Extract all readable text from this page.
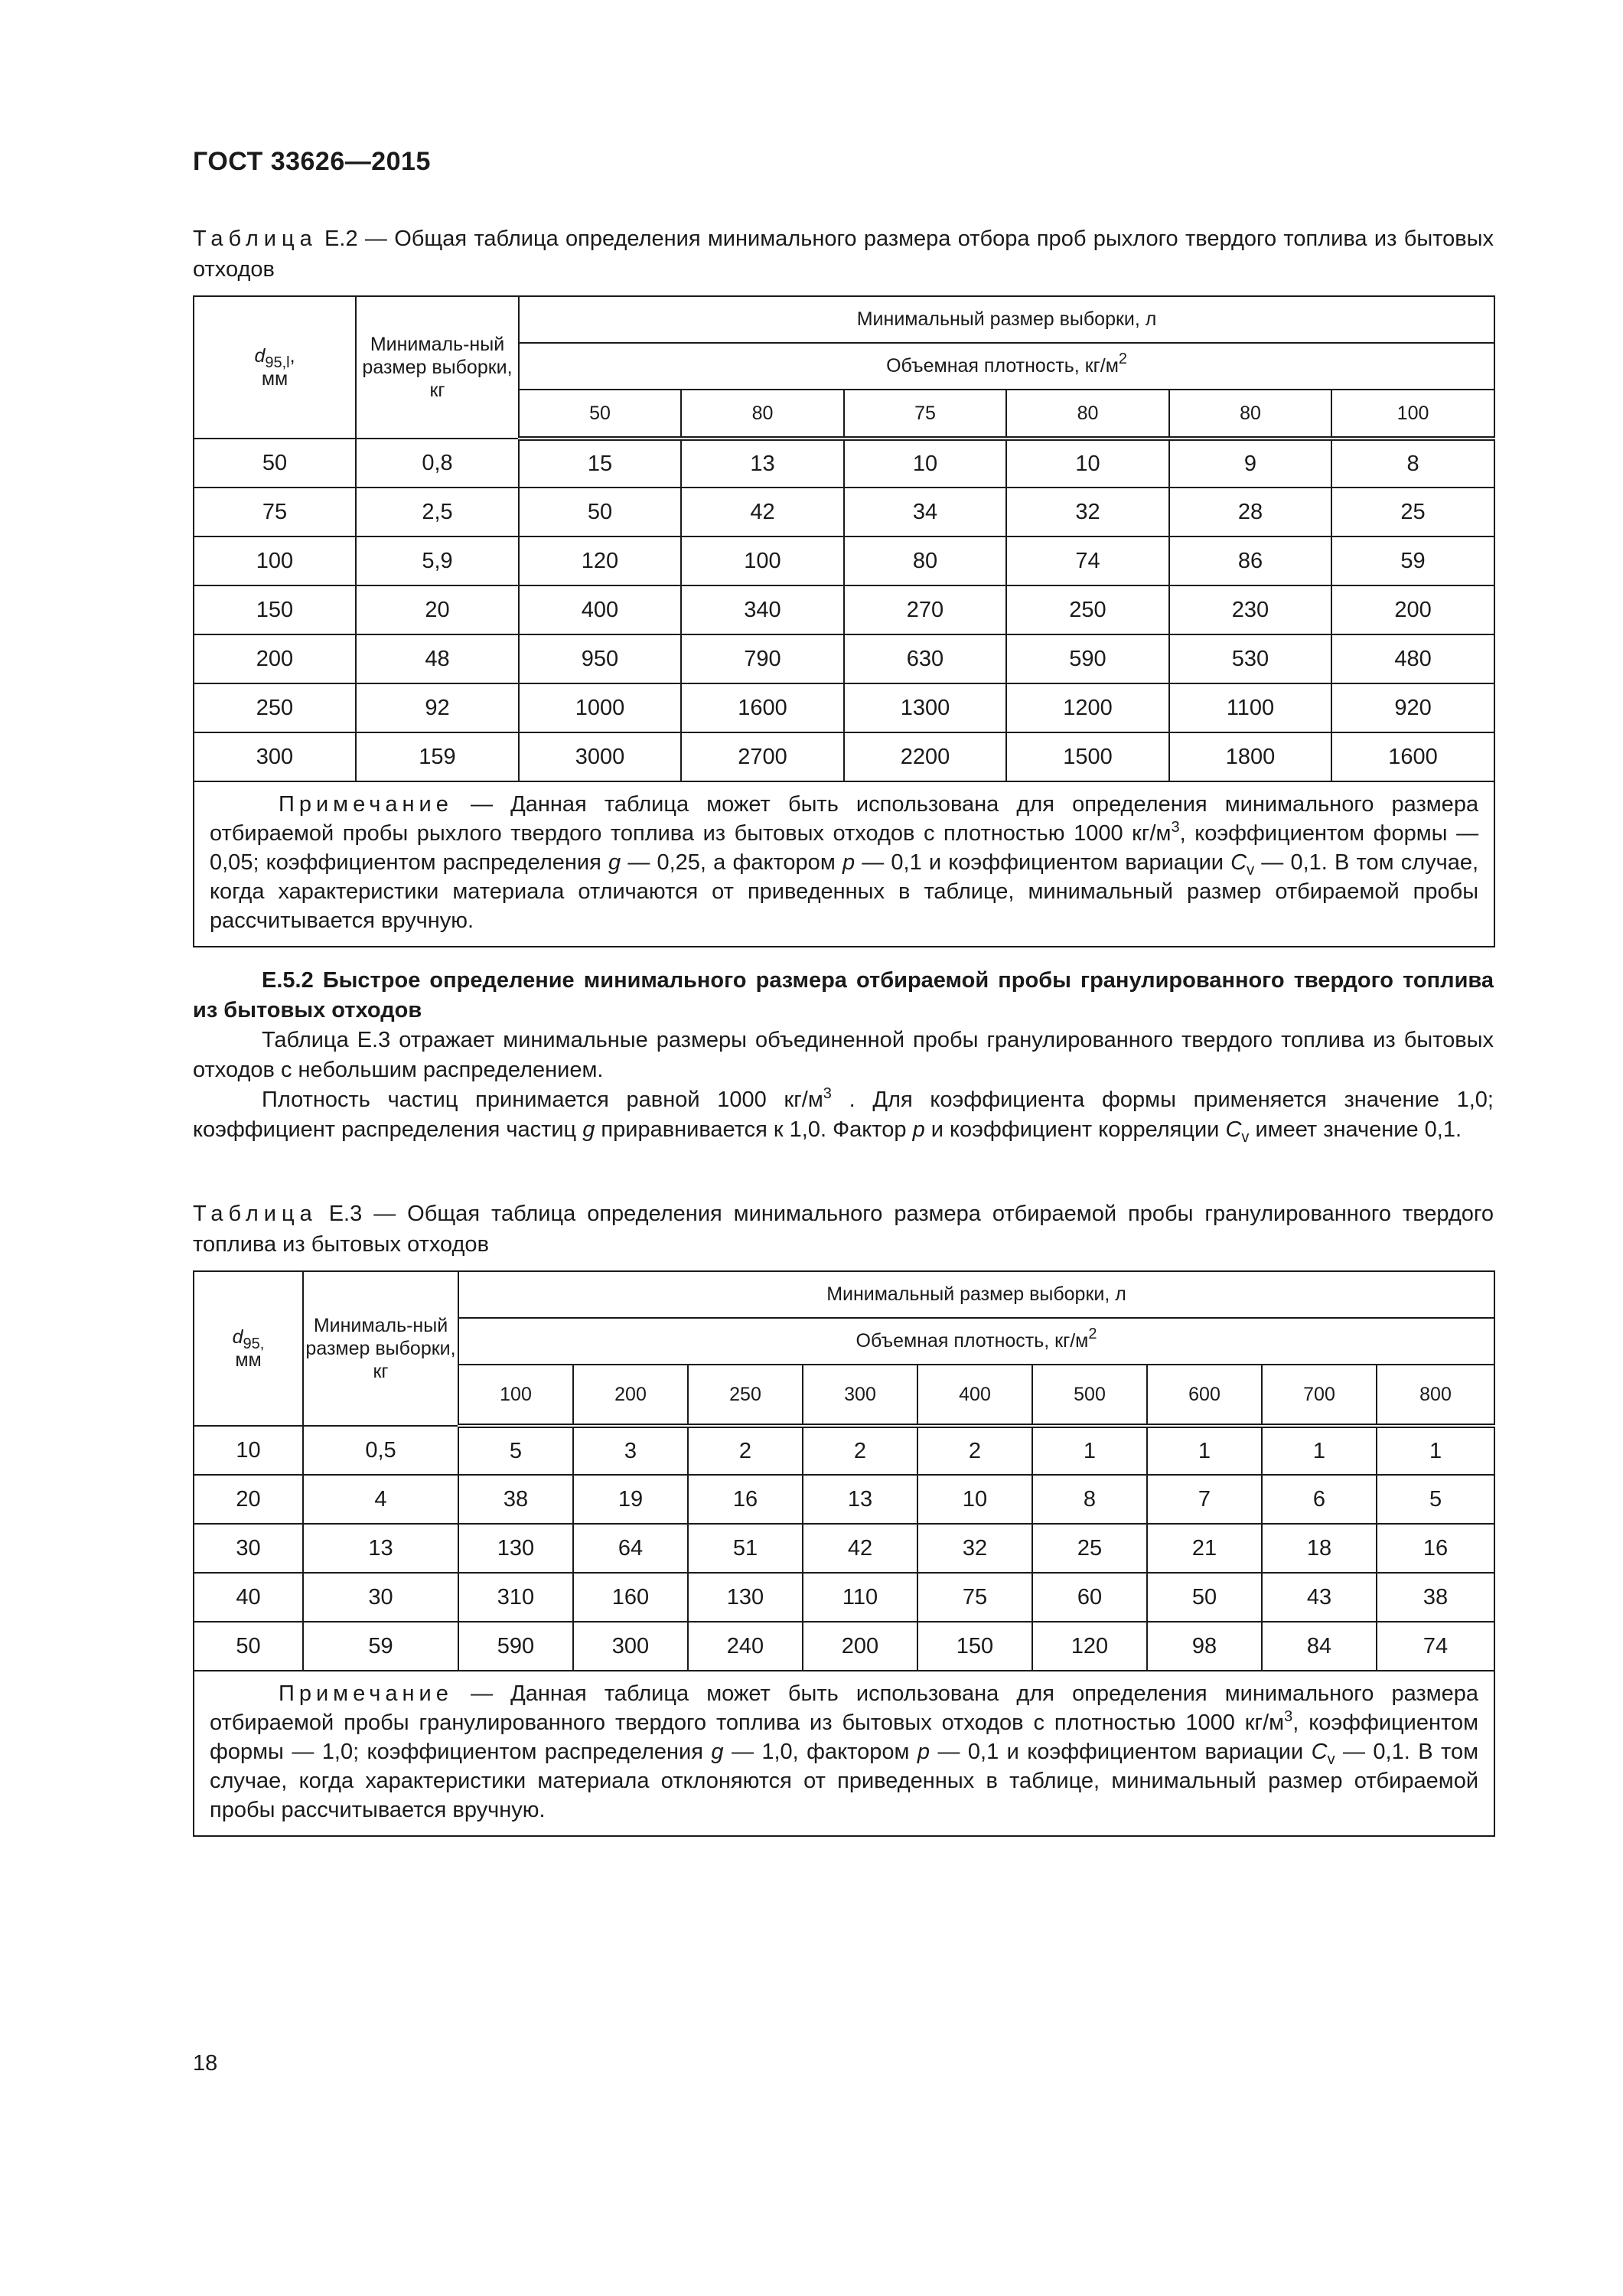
ГОСТ 33626—2015
Таблица Е.2 — Общая таблица определения минимального размера отбора проб рыхлого твердого топлива из бытовых отходов
$d_{95,l}$,
мм	Минималь-ный размер выборки, кг	Минимальный размер выборки, л					
		Объемная плотность, $кг/м^2$
		50	80	75	80	80	100
50	0,8	15	13	10	10	9	8
75	2,5	50	42	34	32	28	25
100	5,9	120	100	80	74	86	59
150	20	400	340	270	250	230	200
200	48	950	790	630	590	530	480
250	92	1000	1600	1300	1200	1100	920
300	159	3000	2700	2200	1500	1800	1600
Примечание — Данная таблица может быть использована для определения минимального размера отбираемой пробы рыхлого твердого топлива из бытовых отходов с плотностью 1000 $кг/м^3$, коэффициентом формы — 0,05; коэффициентом распределения g — 0,25, а фактором p — 0,1 и коэффициентом вариации $C_v$ — 0,1. В том случае, когда характеристики материала отличаются от приведенных в таблице, минимальный размер отбираемой пробы рассчитывается вручную.							
Е.5.2 Быстрое определение минимального размера отбираемой пробы гранулированного твердого топлива из бытовых отходов
Таблица Е.3 отражает минимальные размеры объединенной пробы гранулированного твердого топлива из бытовых отходов с небольшим распределением.
Плотность частиц принимается равной 1000 $кг/м^3$ . Для коэффициента формы применяется значение 1,0; коэффициент распределения частиц g приравнивается к 1,0. Фактор p и коэффициент корреляции $C_v$ имеет значение 0,1.
Таблица Е.3 — Общая таблица определения минимального размера отбираемой пробы гранулированного твердого топлива из бытовых отходов
$d_{95,}$
мм	Минималь-ный размер выборки, кг	Минимальный размер выборки, л								
		Объемная плотность, $кг/м^2$
		100	200	250	300	400	500	600	700	800
10	0,5	5	3	2	2	2	1	1	1	1
20	4	38	19	16	13	10	8	7	6	5
30	13	130	64	51	42	32	25	21	18	16
40	30	310	160	130	110	75	60	50	43	38
50	59	590	300	240	200	150	120	98	84	74
Примечание — Данная таблица может быть использована для определения минимального размера отбираемой пробы гранулированного твердого топлива из бытовых отходов с плотностью 1000 $кг/м^3$, коэффициентом формы — 1,0; коэффициентом распределения g — 1,0, фактором p — 0,1 и коэффициентом вариации $C_v$ — 0,1. В том случае, когда характеристики материала отклоняются от приведенных в таблице, минимальный размер отбираемой пробы рассчитывается вручную.										
18
